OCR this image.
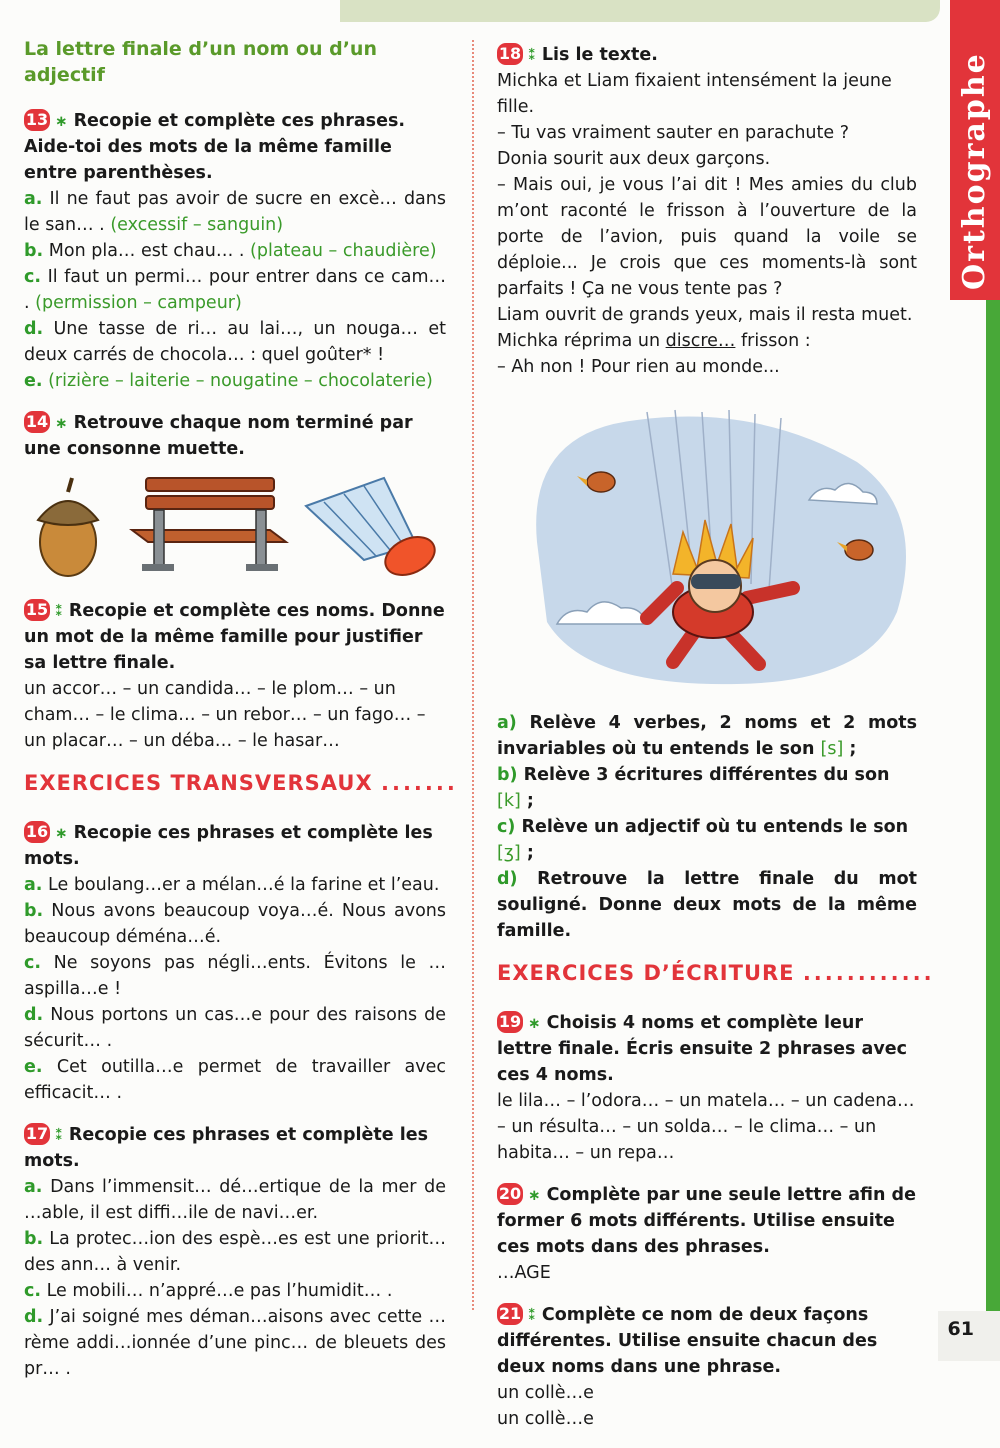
Orthographe
La lettre finale d’un nom ou d’un adjectif
13 ∗ Recopie et complète ces phrases. Aide-toi des mots de la même famille entre parenthèses.
a. Il ne faut pas avoir de sucre en excè… dans le san… . (excessif – sanguin)
b. Mon pla… est chau… . (plateau – chaudière)
c. Il faut un permi… pour entrer dans ce cam… . (permission – campeur)
d. Une tasse de ri… au lai…, un nouga… et deux carrés de chocola… : quel goûter* !
e. (rizière – laiterie – nougatine – chocolaterie)
14 ∗ Retrouve chaque nom terminé par une consonne muette.
15 ⁑ Recopie et complète ces noms. Donne un mot de la même famille pour justifier sa lettre finale.
un accor… – un candida… – le plom… – un cham… – le clima… – un rebor… – un fago… – un placar… – un déba… – le hasar…
EXERCICES TRANSVERSAUX .......
16 ∗ Recopie ces phrases et complète les mots.
a. Le boulang…er a mélan…é la farine et l’eau.
b. Nous avons beaucoup voya…é. Nous avons beaucoup déména…é.
c. Ne soyons pas négli…ents. Évitons le …aspilla…e !
d. Nous portons un cas…e pour des raisons de sécurit… .
e. Cet outilla…e permet de travailler avec efficacit… .
17 ⁑ Recopie ces phrases et complète les mots.
a. Dans l’immensit… dé…ertique de la mer de …able, il est diffi…ile de navi…er.
b. La protec…ion des espè…es est une priorit… des ann… à venir.
c. Le mobili… n’appré…e pas l’humidit… .
d. J’ai soigné mes déman…aisons avec cette …rème addi…ionnée d’une pinc… de bleuets des pr… .
18 ⁑ Lis le texte.
Michka et Liam fixaient intensément la jeune fille.
– Tu vas vraiment sauter en parachute ?
Donia sourit aux deux garçons.
– Mais oui, je vous l’ai dit ! Mes amies du club m’ont raconté le frisson à l’ouverture de la porte de l’avion, puis quand la voile se déploie... Je crois que ces moments-là sont parfaits ! Ça ne vous tente pas ?
Liam ouvrit de grands yeux, mais il resta muet.
Michka réprima un discre… frisson :
– Ah non ! Pour rien au monde...
a) Relève 4 verbes, 2 noms et 2 mots invariables où tu entends le son [s] ;
b) Relève 3 écritures différentes du son [k] ;
c) Relève un adjectif où tu entends le son [ʒ] ;
d) Retrouve la lettre finale du mot souligné. Donne deux mots de la même famille.
EXERCICES D’ÉCRITURE ............
19 ∗ Choisis 4 noms et complète leur lettre finale. Écris ensuite 2 phrases avec ces 4 noms.
le lila… – l’odora… – un matela… – un cadena… – un résulta… – un solda… – le clima… – un habita… – un repa…
20 ∗ Complète par une seule lettre afin de former 6 mots différents. Utilise ensuite ces mots dans des phrases.
…AGE
21 ⁑ Complète ce nom de deux façons différentes. Utilise ensuite chacun des deux noms dans une phrase.
un collè…e
un collè…e
61
